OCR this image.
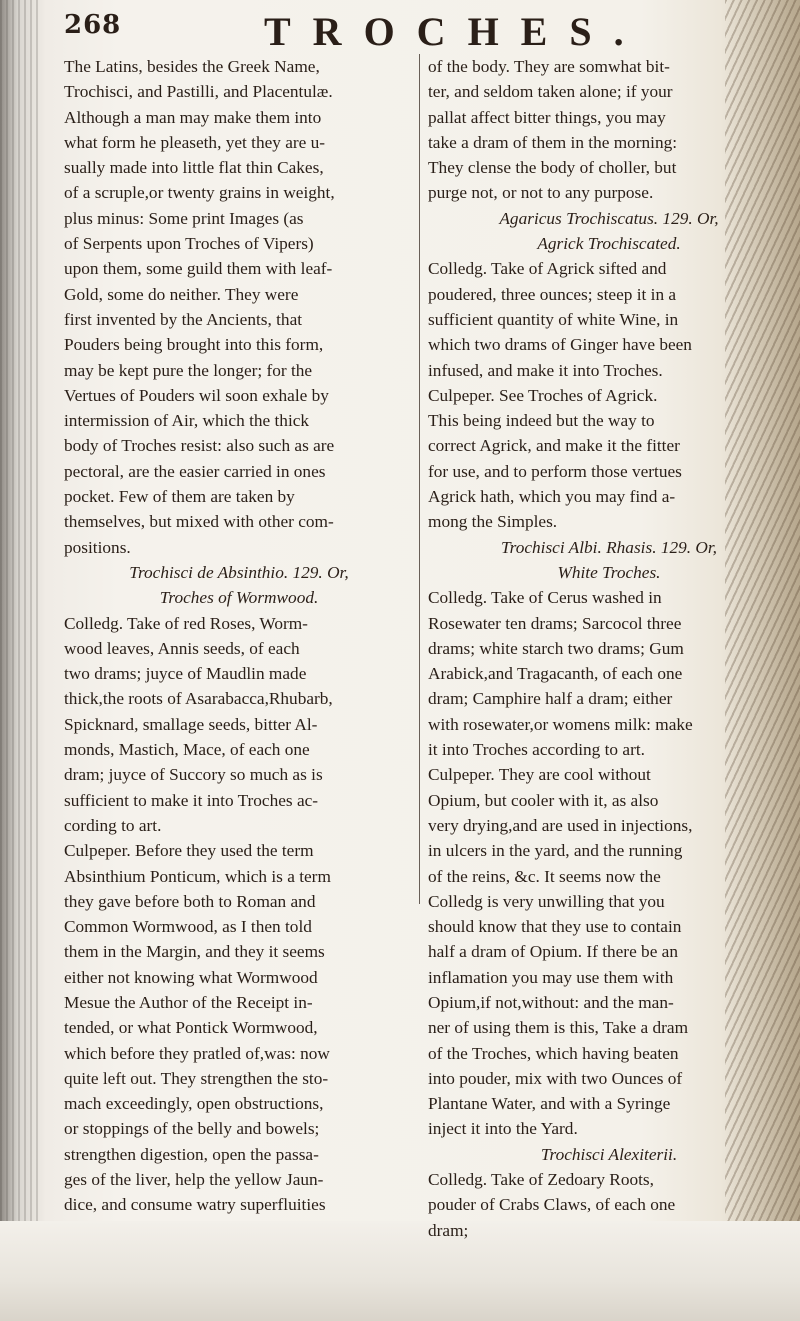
268	TROCHES.
The Latins, besides the Greek Name,
Trochisci, and Pastilli, and Placentulæ.
Although a man may make them into
what form he pleaseth, yet they are u-
sually made into little flat thin Cakes,
of a scruple,or twenty grains in weight,
plus minus: Some print Images (as
of Serpents upon Troches of Vipers)
upon them, some guild them with leaf-
Gold, some do neither. They were
first invented by the Ancients, that
Pouders being brought into this form,
may be kept pure the longer; for the
Vertues of Pouders wil soon exhale by
intermission of Air, which the thick
body of Troches resist: also such as are
pectoral, are the easier carried in ones
pocket. Few of them are taken by
themselves, but mixed with other com-
positions.
Trochisci de Absinthio. 129. Or,
Troches of Wormwood.
Colledg. Take of red Roses, Worm-
wood leaves, Annis seeds, of each
two drams; juyce of Maudlin made
thick,the roots of Asarabacca,Rhubarb,
Spicknard, smallage seeds, bitter Al-
monds, Mastich, Mace, of each one
dram; juyce of Succory so much as is
sufficient to make it into Troches ac-
cording to art.
Culpeper. Before they used the term
Absinthium Ponticum, which is a term
they gave before both to Roman and
Common Wormwood, as I then told
them in the Margin, and they it seems
either not knowing what Wormwood
Mesue the Author of the Receipt in-
tended, or what Pontick Wormwood,
which before they pratled of,was: now
quite left out. They strengthen the sto-
mach exceedingly, open obstructions,
or stoppings of the belly and bowels;
strengthen digestion, open the passa-
ges of the liver, help the yellow Jaun-
dice, and consume watry superfluities
of the body. They are somwhat bit-
ter, and seldom taken alone; if your
pallat affect bitter things, you may
take a dram of them in the morning:
They clense the body of choller, but
purge not, or not to any purpose.
Agaricus Trochiscatus. 129. Or,
Agrick Trochiscated.
Colledg. Take of Agrick sifted and
poudered, three ounces; steep it in a
sufficient quantity of white Wine, in
which two drams of Ginger have been
infused, and make it into Troches.
Culpeper. See Troches of Agrick.
This being indeed but the way to
correct Agrick, and make it the fitter
for use, and to perform those vertues
Agrick hath, which you may find a-
mong the Simples.
Trochisci Albi. Rhasis. 129. Or,
White Troches.
Colledg. Take of Cerus washed in
Rosewater ten drams; Sarcocol three
drams; white starch two drams; Gum
Arabick,and Tragacanth, of each one
dram; Camphire half a dram; either
with rosewater,or womens milk: make
it into Troches according to art.
Culpeper. They are cool without
Opium, but cooler with it, as also
very drying,and are used in injections,
in ulcers in the yard, and the running
of the reins, &c. It seems now the
Colledg is very unwilling that you
should know that they use to contain
half a dram of Opium. If there be an
inflamation you may use them with
Opium,if not,without: and the man-
ner of using them is this, Take a dram
of the Troches, which having beaten
into pouder, mix with two Ounces of
Plantane Water, and with a Syringe
inject it into the Yard.
Trochisci Alexiterii.
Colledg. Take of Zedoary Roots,
pouder of Crabs Claws, of each one
dram;
